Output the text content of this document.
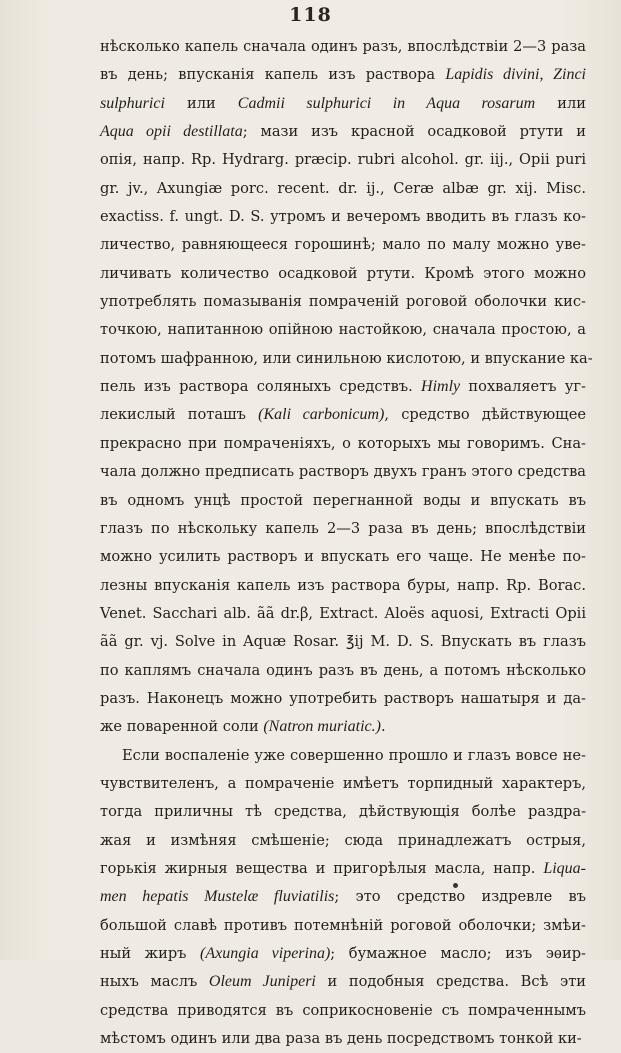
118
нѣсколько капель сначала одинъ разъ, впослѣдствіи 2—3 раза
въ день; впусканія капель изъ раствора Lapidis divini, Zinci
sulphurici или Cadmii sulphurici in Aqua rosarum или
Aqua opii destillata; мази изъ красной осадковой ртути и
опія, напр. Rp. Hydrarg. præcip. rubri alcohol. gr. iij., Opii puri
gr. jv., Axungiæ porc. recent. dr. ij., Ceræ albæ gr. xij. Misc.
exactiss. f. ungt. D. S. утромъ и вечеромъ вводить въ глазъ ко-
личество, равняющееся горошинѣ; мало по малу можно уве-
личивать количество осадковой ртути. Кромѣ этого можно
употреблять помазыванія помраченій роговой оболочки кис-
точкою, напитанною опійною настойкою, сначала простою, а
потомъ шафранною, или синильною кислотою, и впускание ка-
пель изъ раствора соляныхъ средствъ. Himly похваляетъ уг-
лекислый поташъ (Kali carbonicum), средство дѣйствующее
прекрасно при помраченіяхъ, о которыхъ мы говоримъ. Сна-
чала должно предписать растворъ двухъ гранъ этого средства
въ одномъ унцѣ простой перегнанной воды и впускать въ
глазъ по нѣскольку капель 2—3 раза въ день; впослѣдствіи
можно усилить растворъ и впускать его чаще. Не менѣе по-
лезны впусканія капель изъ раствора буры, напр. Rp. Borac.
Venet. Sacchari alb. ãã dr.β, Extract. Aloës aquosi, Extracti Opii
ãã gr. vj. Solve in Aquæ Rosar. ℥ij M. D. S. Впускать въ глазъ
по каплямъ сначала одинъ разъ въ день, а потомъ нѣсколько
разъ. Наконецъ можно употребить растворъ нашатыря и да-
же поваренной соли (Natron muriatic.).
Если воспаленіе уже совершенно прошло и глазъ вовсе не-
чувствителенъ, а помраченіе имѣетъ торпидный характеръ,
тогда приличны тѣ средства, дѣйствующія болѣе раздра-
жая и измѣняя смѣшеніе; сюда принадлежатъ острыя,
горькія жирныя вещества и пригорѣлыя масла, напр. Liqua-
men hepatis Mustelæ fluviatilis; это средство издревле въ
большой славѣ противъ потемнѣній роговой оболочки; змѣи-
ный жиръ (Axungia viperina); бумажное масло; изъ эѳир-
ныхъ маслъ Oleum Juniperi и подобныя средства. Всѣ эти
средства приводятся въ соприкосновеніе съ помраченнымъ
мѣстомъ одинъ или два раза въ день посредствомъ тонкой ки-
